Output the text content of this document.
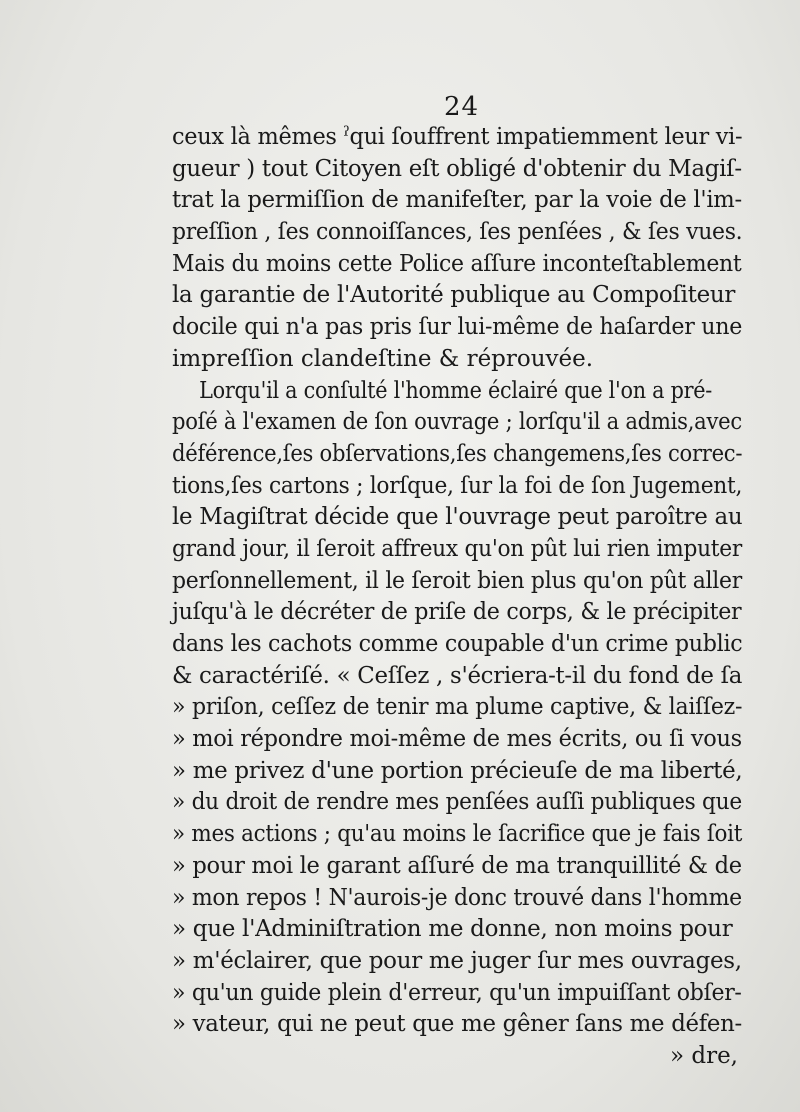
24
ceux là mêmes ˀqui ſouffrent impatiemment leur vi-
gueur ) tout Citoyen eſt obligé d'obtenir du Magiſ-
trat la permiſſion de manifeſter, par la voie de l'im-
preſſion , ſes connoiſſances, ſes penſées , & ſes vues.
Mais du moins cette Police aſſure inconteſtablement
la garantie de l'Autorité publique au Compoſiteur
docile qui n'a pas pris ſur lui-même de haſarder une
impreſſion clandeſtine & réprouvée.
Lorqu'il a conſulté l'homme éclairé que l'on a pré-
poſé à l'examen de ſon ouvrage ; lorſqu'il a admis,avec
déférence,ſes obſervations,ſes changemens,ſes correc-
tions,ſes cartons ; lorſque, ſur la foi de ſon Jugement,
le Magiſtrat décide que l'ouvrage peut paroître au
grand jour, il ſeroit affreux qu'on pût lui rien imputer
perſonnellement, il le ſeroit bien plus qu'on pût aller
juſqu'à le décréter de priſe de corps, & le précipiter
dans les cachots comme coupable d'un crime public
& caractériſé. « Ceſſez , s'écriera-t-il du fond de ſa
» priſon, ceſſez de tenir ma plume captive, & laiſſez-
» moi répondre moi-même de mes écrits, ou ſi vous
» me privez d'une portion précieuſe de ma liberté,
» du droit de rendre mes penſées auſſi publiques que
» mes actions ; qu'au moins le ſacrifice que je fais ſoit
» pour moi le garant aſſuré de ma tranquillité & de
» mon repos ! N'aurois-je donc trouvé dans l'homme
» que l'Adminiſtration me donne, non moins pour
» m'éclairer, que pour me juger ſur mes ouvrages,
» qu'un guide plein d'erreur, qu'un impuiſſant obſer-
» vateur, qui ne peut que me gêner ſans me défen-
» dre,
